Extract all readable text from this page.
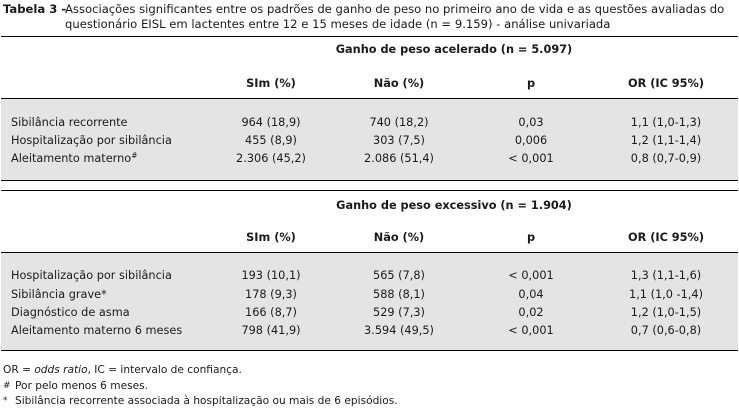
Tabela 3 -
Associações significantes entre os padrões de ganho de peso no primeiro ano de vida e as questões avaliadas do questionário EISL em lactentes entre 12 e 15 meses de idade (n = 9.159) - análise univariada
Ganho de peso acelerado (n = 5.097)
SIm (%)	Não (%)	p	OR (IC 95%)
Sibilância recorrente	964 (18,9)	740 (18,2)	0,03	1,1 (1,0-1,3)
Hospitalização por sibilância	455 (8,9)	303 (7,5)	0,006	1,2 (1,1-1,4)
Aleitamento materno#	2.306 (45,2)	2.086 (51,4)	< 0,001	0,8 (0,7-0,9)
Ganho de peso excessivo (n = 1.904)
SIm (%)	Não (%)	p	OR (IC 95%)
Hospitalização por sibilância	193 (10,1)	565 (7,8)	< 0,001	1,3 (1,1-1,6)
Sibilância grave*	178 (9,3)	588 (8,1)	0,04	1,1 (1,0 -1,4)
Diagnóstico de asma	166 (8,7)	529 (7,3)	0,02	1,2 (1,0-1,5)
Aleitamento materno 6 meses	798 (41,9)	3.594 (49,5)	< 0,001	0,7 (0,6-0,8)
OR = odds ratio, IC = intervalo de confiança.
# Por pelo menos 6 meses.
* Sibilância recorrente associada à hospitalização ou mais de 6 episódios.
